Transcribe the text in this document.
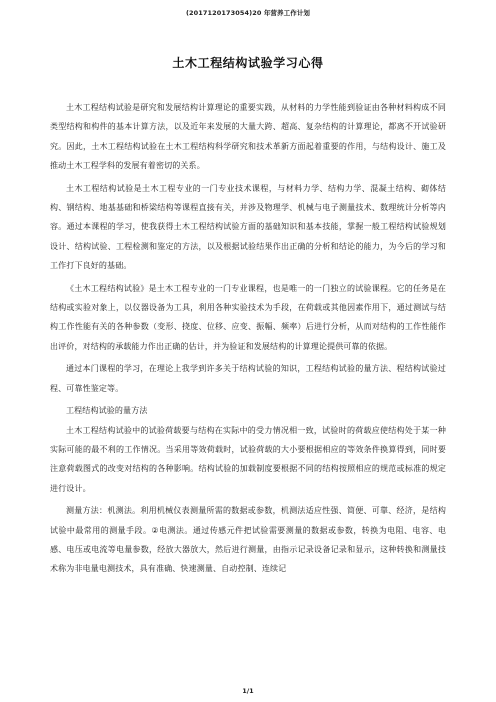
(2017120173054)20 年营养工作计划
土木工程结构试验学习心得

土木工程结构试验是研究和发展结构计算理论的重要实践，从材料的力学性能到验证由各种材料构成不同类型结构和构件的基本计算方法，以及近年来发展的大量大跨、超高、复杂结构的计算理论，都离不开试验研究。因此，土木工程结构试验在土木工程结构科学研究和技术革新方面起着重要的作用，与结构设计、施工及推动土木工程学科的发展有着密切的关系。

土木工程结构试验是土木工程专业的一门专业技术课程，与材料力学、结构力学、混凝土结构、砌体结构、钢结构、地基基础和桥梁结构等课程直接有关，并涉及物理学、机械与电子测量技术、数理统计分析等内容。通过本课程的学习，使我获得土木工程结构试验方面的基础知识和基本技能，掌握一般工程结构试验规划设计、结构试验、工程检测和鉴定的方法，以及根据试验结果作出正确的分析和结论的能力，为今后的学习和工作打下良好的基础。

《土木工程结构试验》是土木工程专业的一门专业课程，也是唯一的一门独立的试验课程。它的任务是在结构或实验对象上，以仪器设备为工具，利用各种实验技术为手段，在荷载或其他因素作用下，通过测试与结构工作性能有关的各种参数（变形、挠度、位移、应变、振幅、频率）后进行分析，从而对结构的工作性能作出评价，对结构的承载能力作出正确的估计，并为验证和发展结构的计算理论提供可靠的依据。

通过本门课程的学习，在理论上我学到许多关于结构试验的知识，工程结构试验的量方法、程结构试验过程、可靠性鉴定等。

工程结构试验的量方法

土木工程结构试验中的试验荷载要与结构在实际中的受力情况相一致，试验时的荷载应使结构处于某一种实际可能的最不利的工作情况。当采用等效荷载时，试验荷载的大小要根据相应的等效条件换算得到，同时要注意荷载图式的改变对结构的各种影响。结构试验的加载制度要根据不同的结构按照相应的规范或标准的规定进行设计。

测量方法：机测法。利用机械仪表测量所需的数据或参数，机测法适应性强、简便、可靠、经济，是结构试验中最常用的测量手段。②电测法。通过传感元件把试验需要测量的数据或参数，转换为电阻、电容、电感、电压或电流等电量参数，经放大器放大，然后进行测量，由指示记录设备记录和显示，这种转换和测量技术称为非电量电测技术，具有准确、快速测量、自动控制、连续记

1/1
